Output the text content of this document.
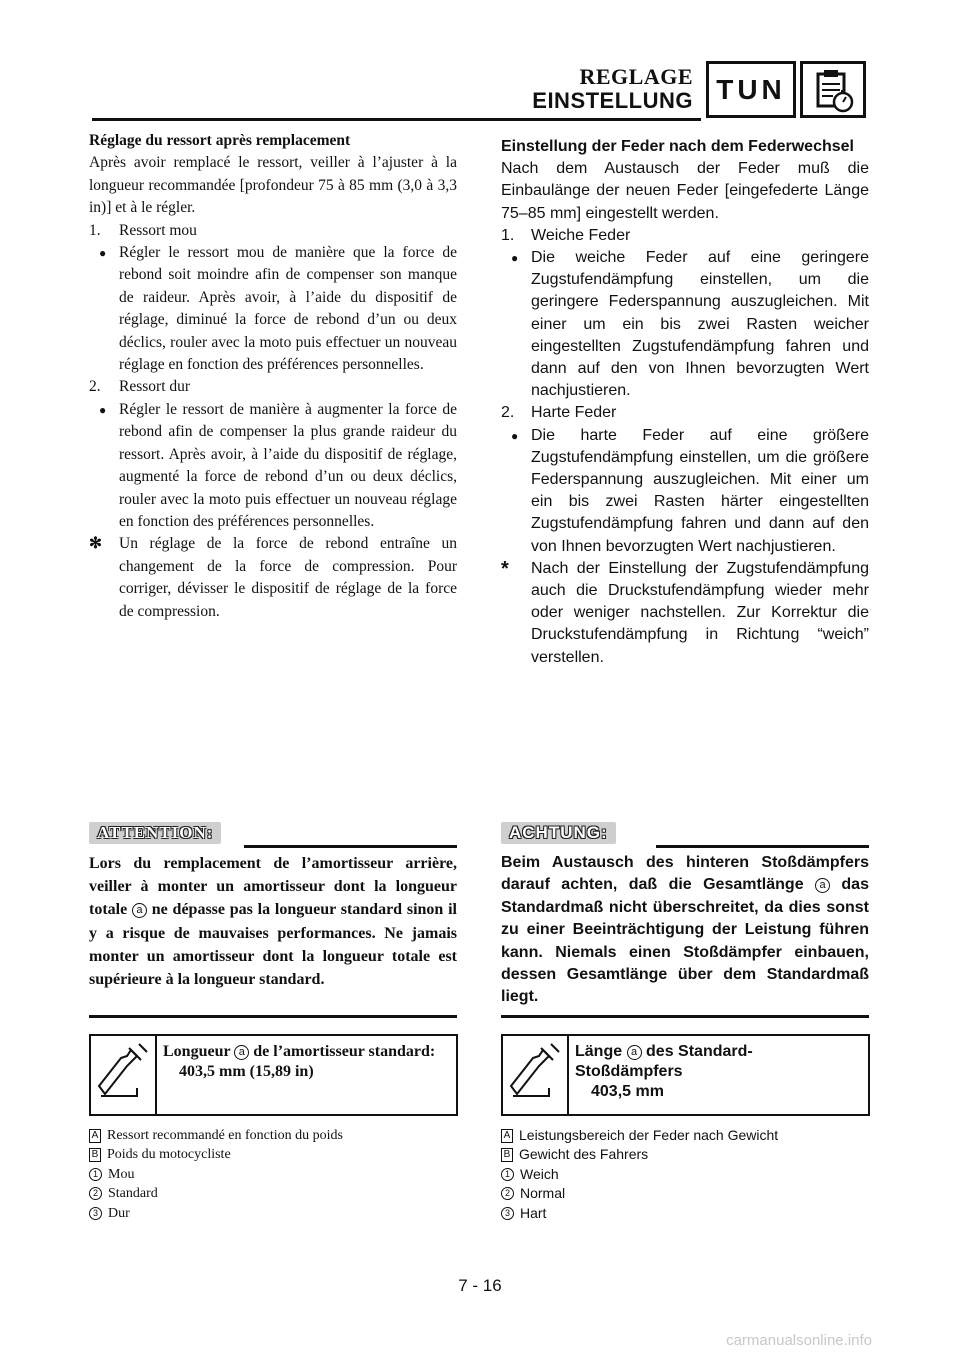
REGLAGE
EINSTELLUNG TUN
Réglage du ressort après remplacement
Après avoir remplacé le ressort, veiller à l’ajuster à la longueur recommandée [profondeur 75 à 85 mm (3,0 à 3,3 in)] et à le régler.
1.	Ressort mou
● Régler le ressort mou de manière que la force de rebond soit moindre afin de compenser son manque de raideur. Après avoir, à l’aide du dispositif de réglage, diminué la force de rebond d’un ou deux déclics, rouler avec la moto puis effectuer un nouveau réglage en fonction des préférences personnelles.
2.	Ressort dur
● Régler le ressort de manière à augmenter la force de rebond afin de compenser la plus grande raideur du ressort. Après avoir, à l’aide du dispositif de réglage, augmenté la force de rebond d’un ou deux déclics, rouler avec la moto puis effectuer un nouveau réglage en fonction des préférences personnelles.
✻	Un réglage de la force de rebond entraîne un changement de la force de compression. Pour corriger, dévisser le dispositif de réglage de la force de compression.
Einstellung der Feder nach dem Federwechsel
Nach dem Austausch der Feder muß die Einbaulänge der neuen Feder [eingefederte Länge 75–85 mm] eingestellt werden.
1.	Weiche Feder
● Die weiche Feder auf eine geringere Zugstufendämpfung einstellen, um die geringere Federspannung auszugleichen. Mit einer um ein bis zwei Rasten weicher eingestellten Zugstufendämpfung fahren und dann auf den von Ihnen bevorzugten Wert nachjustieren.
2.	Harte Feder
● Die harte Feder auf eine größere Zugstufendämpfung einstellen, um die größere Federspannung auszugleichen. Mit einer um ein bis zwei Rasten härter eingestellten Zugstufendämpfung fahren und dann auf den von Ihnen bevorzugten Wert nachjustieren.
*	Nach der Einstellung der Zugstufendämpfung auch die Druckstufendämpfung wieder mehr oder weniger nachstellen. Zur Korrektur die Druckstufendämpfung in Richtung “weich” verstellen.
ATTENTION:
Lors du remplacement de l’amortisseur arrière, veiller à monter un amortisseur dont la longueur totale a ne dépasse pas la longueur standard sinon il y a risque de mauvaises performances. Ne jamais monter un amortisseur dont la longueur totale est supérieure à la longueur standard.
ACHTUNG:
Beim Austausch des hinteren Stoßdämpfers darauf achten, daß die Gesamtlänge a das Standardmaß nicht überschreitet, da dies sonst zu einer Beeinträchtigung der Leistung führen kann. Niemals einen Stoßdämpfer einbauen, dessen Gesamtlänge über dem Standardmaß liegt.
Longueur a de l’amortisseur standard:
403,5 mm (15,89 in)
Länge a des Standard-Stoßdämpfers
403,5 mm
A Ressort recommandé en fonction du poids
B Poids du motocycliste
1 Mou
2 Standard
3 Dur
A Leistungsbereich der Feder nach Gewicht
B Gewicht des Fahrers
1 Weich
2 Normal
3 Hart
7 - 16
carmanualsonline.info
